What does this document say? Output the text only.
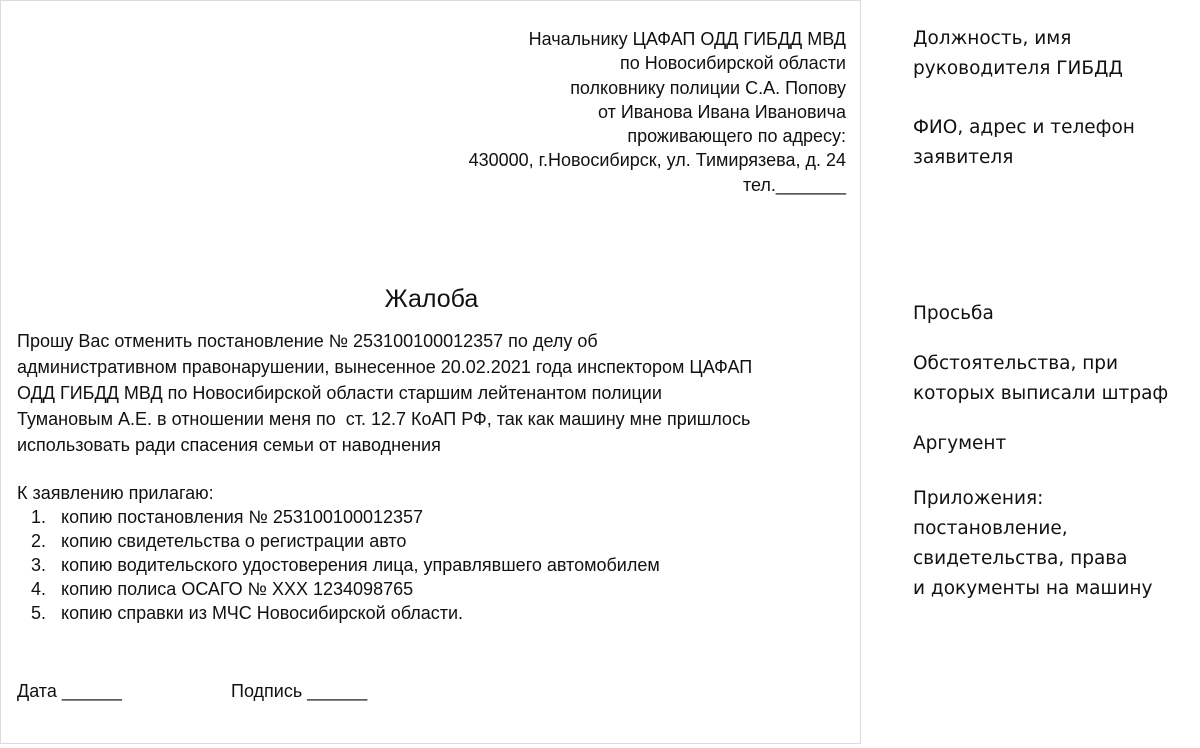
Начальнику ЦАФАП ОДД ГИБДД МВД
по Новосибирской области
полковнику полиции С.А. Попову
от Иванова Ивана Ивановича
проживающего по адресу:
430000, г.Новосибирск, ул. Тимирязева, д. 24
тел._______
Жалоба
Прошу Вас отменить постановление № 253100100012357 по делу об
административном правонарушении, вынесенное 20.02.2021 года инспектором ЦАФАП
ОДД ГИБДД МВД по Новосибирской области старшим лейтенантом полиции
Тумановым А.Е. в отношении меня по  ст. 12.7 КоАП РФ, так как машину мне пришлось
использовать ради спасения семьи от наводнения
К заявлению прилагаю:
1. копию постановления № 253100100012357
2. копию свидетельства о регистрации авто
3. копию водительского удостоверения лица, управлявшего автомобилем
4. копию полиса ОСАГО № ХХХ 1234098765
5. копию справки из МЧС Новосибирской области.
Дата ______	Подпись ______
Должность, имя
руководителя ГИБДД
ФИО, адрес и телефон
заявителя
Просьба
Обстоятельства, при
которых выписали штраф
Аргумент
Приложения:
постановление,
свидетельства, права
и документы на машину
